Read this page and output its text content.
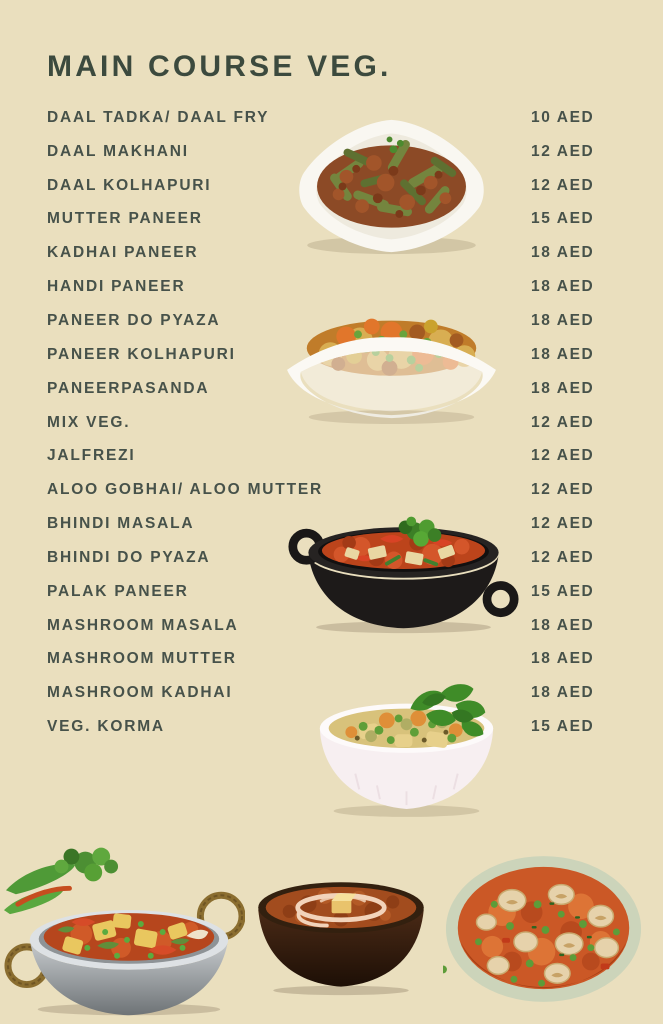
MAIN COURSE VEG.
DAAL TADKA/ DAAL FRY	10 AED
DAAL MAKHANI	12 AED
DAAL KOLHAPURI	12 AED
MUTTER PANEER	15 AED
KADHAI PANEER	18 AED
HANDI PANEER	18 AED
PANEER DO PYAZA	18 AED
PANEER KOLHAPURI	18 AED
PANEERPASANDA	18 AED
MIX VEG.	12 AED
JALFREZI	12 AED
ALOO GOBHAI/ ALOO MUTTER	12 AED
BHINDI MASALA	12 AED
BHINDI DO PYAZA	12 AED
PALAK PANEER	15 AED
MASHROOM MASALA	18 AED
MASHROOM MUTTER	18 AED
MASHROOM KADHAI	18 AED
VEG. KORMA	15 AED
